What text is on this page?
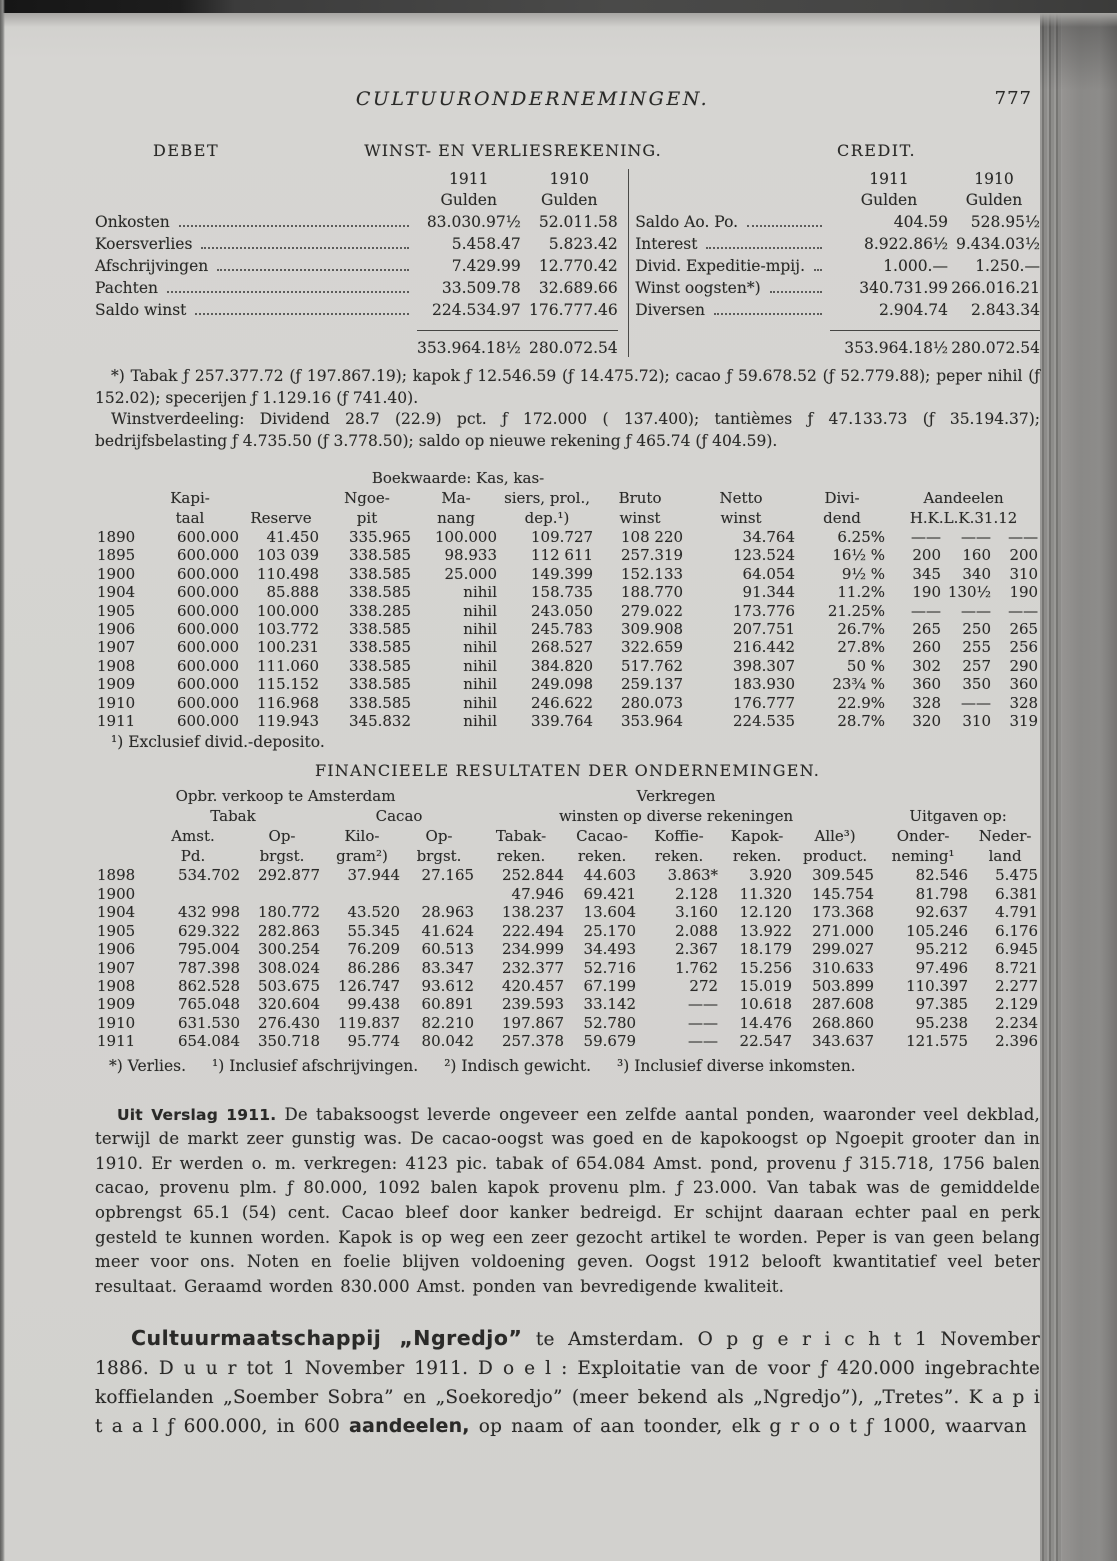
CULTUURONDERNEMINGEN.	777
DEBET	WINST- EN VERLIESREKENING.	CREDIT.
1911	1910
Gulden	Gulden
Onkosten	83.030.97½	52.011.58
Koersverlies	5.458.47	5.823.42
Afschrijvingen	7.429.99	12.770.42
Pachten	33.509.78	32.689.66
Saldo winst	224.534.97 176.777.46
353.964.18½ 280.072.54
1911	1910
Gulden	Gulden
Saldo Ao. Po.	404.59	528.95½
Interest	8.922.86½ 9.434.03½
Divid. Expeditie-mpij.	1.000.—	1.250.—
Winst oogsten*)	340.731.99 266.016.21
Diversen	2.904.74	2.843.34
353.964.18½ 280.072.54

*) Tabak ƒ 257.377.72 (ƒ 197.867.19); kapok ƒ 12.546.59 (ƒ 14.475.72); cacao ƒ 59.678.52 (ƒ 52.779.88); peper nihil (ƒ 152.02); specerijen ƒ 1.129.16 (ƒ 741.40).

Winstverdeeling: Dividend 28.7 (22.9) pct. ƒ 172.000 ( 137.400); tantièmes ƒ 47.133.73 (ƒ 35.194.37); bedrijfsbelasting ƒ 4.735.50 (ƒ 3.778.50); saldo op nieuwe rekening ƒ 465.74 (ƒ 404.59).

			Boekwaarde: Kas, kas-								
	Kapi-		Ngoe-	Ma-	siers, prol.,	Bruto	Netto	Divi-	Aandeelen		
	taal	Reserve	pit	nang	dep.¹)	winst	winst	dend	H.K.L.K.31.12		
1890	600.000	41.450	335.965	100.000	109.727	108 220	34.764	6.25%	——	——	——
1895	600.000	103 039	338.585	98.933	112 611	257.319	123.524	16½ %	200	160	200
1900	600.000	110.498	338.585	25.000	149.399	152.133	64.054	9½ %	345	340	310
1904	600.000	85.888	338.585	nihil	158.735	188.770	91.344	11.2%	190	130½	190
1905	600.000	100.000	338.285	nihil	243.050	279.022	173.776	21.25%	——	——	——
1906	600.000	103.772	338.585	nihil	245.783	309.908	207.751	26.7%	265	250	265
1907	600.000	100.231	338.585	nihil	268.527	322.659	216.442	27.8%	260	255	256
1908	600.000	111.060	338.585	nihil	384.820	517.762	398.307	50 %	302	257	290
1909	600.000	115.152	338.585	nihil	249.098	259.137	183.930	23¾ %	360	350	360
1910	600.000	116.968	338.585	nihil	246.622	280.073	176.777	22.9%	328	——	328
1911	600.000	119.943	345.832	nihil	339.764	353.964	224.535	28.7%	320	310	319
¹) Exclusief divid.-deposito.

FINANCIEELE RESULTATEN DER ONDERNEMINGEN.

Opbr. verkoop te Amsterdam					Verkregen						
	Tabak		Cacao		winsten op diverse rekeningen					Uitgaven op:	
	Amst.	Op-	Kilo-	Op-	Tabak-	Cacao-	Koffie-	Kapok-	Alle³)	Onder-	Neder-
	Pd.	brgst.	gram²)	brgst.	reken.	reken.	reken.	reken.	product.	neming¹	land
1898	534.702	292.877	37.944	27.165	252.844	44.603	3.863*	3.920	309.545	82.546	5.475
1900					47.946	69.421	2.128	11.320	145.754	81.798	6.381
1904	432 998	180.772	43.520	28.963	138.237	13.604	3.160	12.120	173.368	92.637	4.791
1905	629.322	282.863	55.345	41.624	222.494	25.170	2.088	13.922	271.000	105.246	6.176
1906	795.004	300.254	76.209	60.513	234.999	34.493	2.367	18.179	299.027	95.212	6.945
1907	787.398	308.024	86.286	83.347	232.377	52.716	1.762	15.256	310.633	97.496	8.721
1908	862.528	503.675	126.747	93.612	420.457	67.199	272	15.019	503.899	110.397	2.277
1909	765.048	320.604	99.438	60.891	239.593	33.142	——	10.618	287.608	97.385	2.129
1910	631.530	276.430	119.837	82.210	197.867	52.780	——	14.476	268.860	95.238	2.234
1911	654.084	350.718	95.774	80.042	257.378	59.679	——	22.547	343.637	121.575	2.396
*) Verlies. ¹) Inclusief afschrijvingen. ²) Indisch gewicht. ³) Inclusief diverse inkomsten.

Uit Verslag 1911. De tabaksoogst leverde ongeveer een zelfde aantal ponden, waaronder veel dekblad, terwijl de markt zeer gunstig was. De cacao-oogst was goed en de kapokoogst op Ngoepit grooter dan in 1910. Er werden o. m. verkregen: 4123 pic. tabak of 654.084 Amst. pond, provenu ƒ 315.718, 1756 balen cacao, provenu plm. ƒ 80.000, 1092 balen kapok provenu plm. ƒ 23.000. Van tabak was de gemiddelde opbrengst 65.1 (54) cent. Cacao bleef door kanker bedreigd. Er schijnt daaraan echter paal en perk gesteld te kunnen worden. Kapok is op weg een zeer gezocht artikel te worden. Peper is van geen belang meer voor ons. Noten en foelie blijven voldoening geven. Oogst 1912 belooft kwantitatief veel beter resultaat. Geraamd worden 830.000 Amst. ponden van bevredigende kwaliteit.

Cultuurmaatschappij „Ngredjo” te Amsterdam. O p g e r i c h t 1 November 1886. D u u r tot 1 November 1911. D o e l : Exploitatie van de voor ƒ 420.000 ingebrachte koffielanden „Soember Sobra” en „Soekoredjo” (meer bekend als „Ngredjo”), „Tretes”. K a p i t a a l ƒ 600.000, in 600 aandeelen, op naam of aan toonder, elk g r o o t ƒ 1000, waarvan
